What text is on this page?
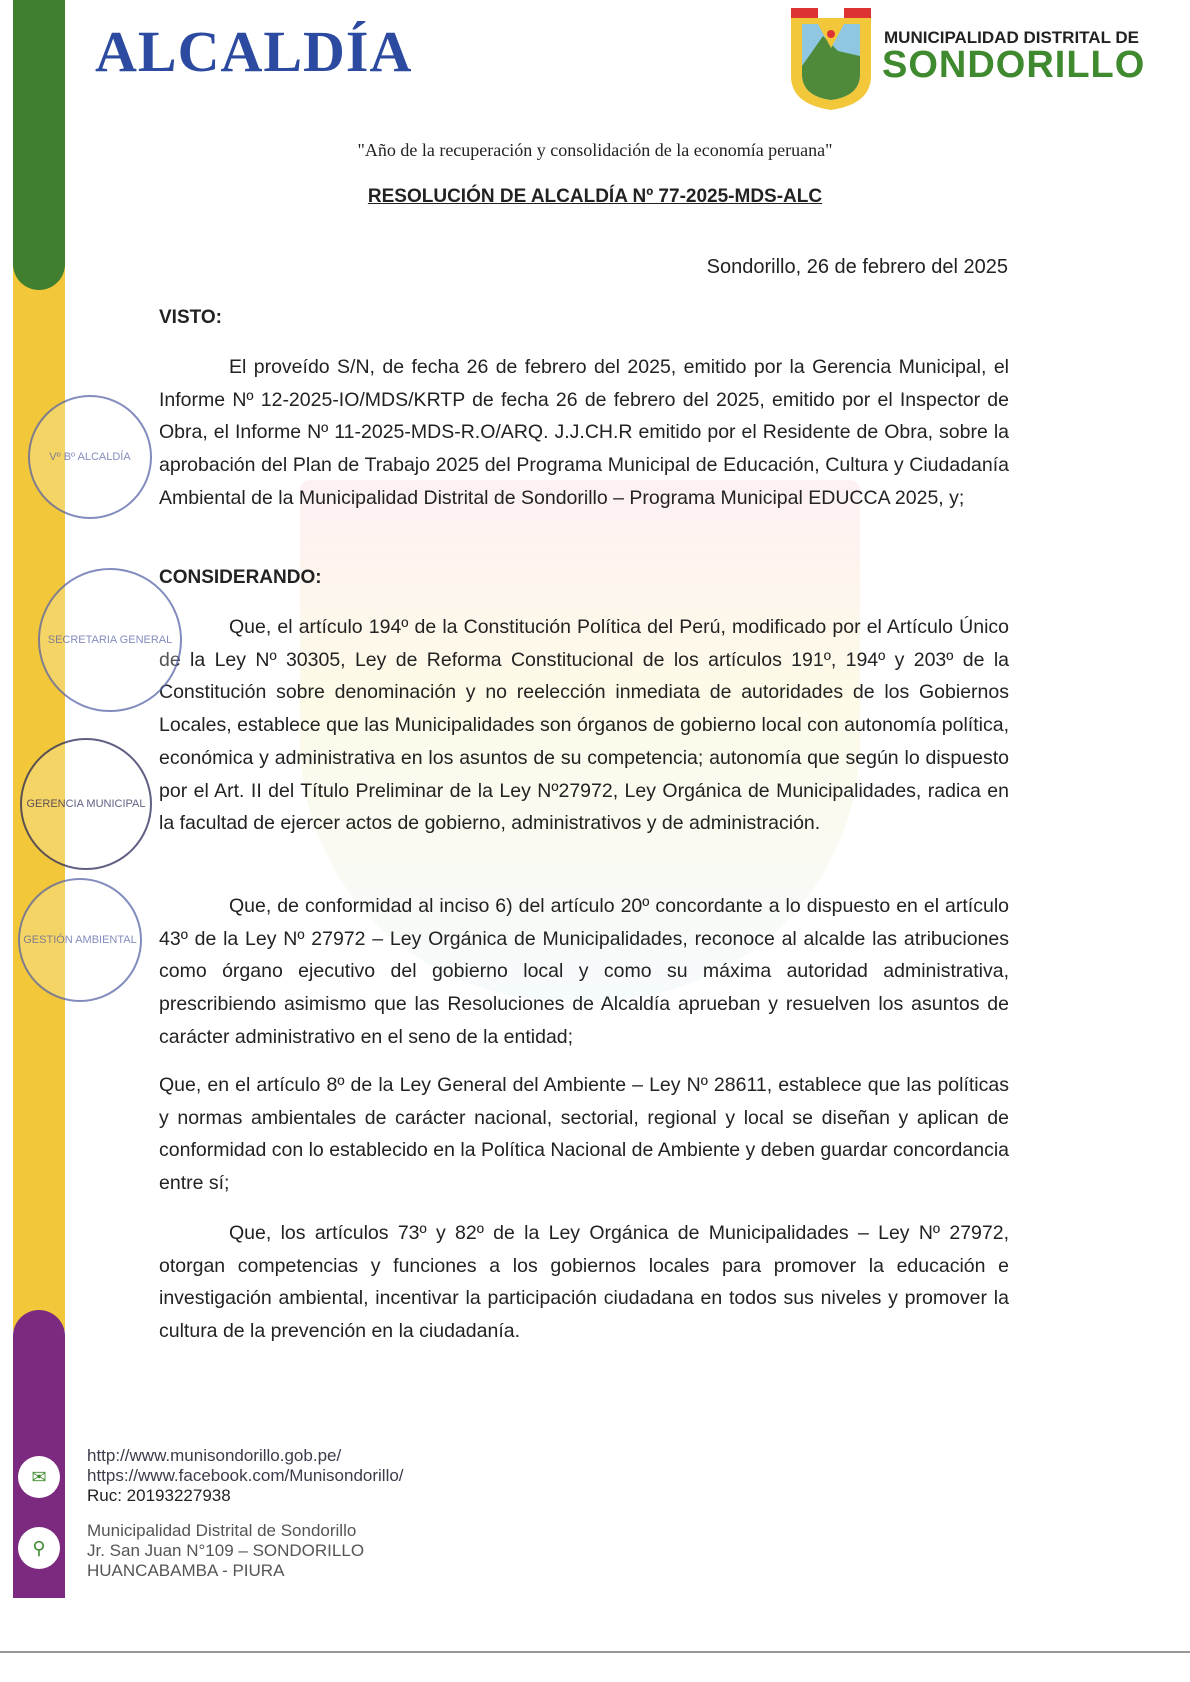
ALCALDÍA	MUNICIPALIDAD DISTRITAL DE
SONDORILLO
"Año de la recuperación y consolidación de la economía peruana"
RESOLUCIÓN DE ALCALDÍA Nº 77-2025-MDS-ALC
Sondorillo, 26 de febrero del 2025
VISTO:
El proveído S/N, de fecha 26 de febrero del 2025, emitido por la Gerencia Municipal, el Informe Nº 12-2025-IO/MDS/KRTP de fecha 26 de febrero del 2025, emitido por el Inspector de Obra, el Informe Nº 11-2025-MDS-R.O/ARQ. J.J.CH.R emitido por el Residente de Obra, sobre la aprobación del Plan de Trabajo 2025 del Programa Municipal de Educación, Cultura y Ciudadanía Ambiental de la Municipalidad Distrital de Sondorillo – Programa Municipal EDUCCA 2025, y;
CONSIDERANDO:
Que, el artículo 194º de la Constitución Política del Perú, modificado por el Artículo Único de la Ley Nº 30305, Ley de Reforma Constitucional de los artículos 191º, 194º y 203º de la Constitución sobre denominación y no reelección inmediata de autoridades de los Gobiernos Locales, establece que las Municipalidades son órganos de gobierno local con autonomía política, económica y administrativa en los asuntos de su competencia; autonomía que según lo dispuesto por el Art. II del Título Preliminar de la Ley Nº27972, Ley Orgánica de Municipalidades, radica en la facultad de ejercer actos de gobierno, administrativos y de administración.
Que, de conformidad al inciso 6) del artículo 20º concordante a lo dispuesto en el artículo 43º de la Ley Nº 27972 – Ley Orgánica de Municipalidades, reconoce al alcalde las atribuciones como órgano ejecutivo del gobierno local y como su máxima autoridad administrativa, prescribiendo asimismo que las Resoluciones de Alcaldía aprueban y resuelven los asuntos de carácter administrativo en el seno de la entidad;
Que, en el artículo 8º de la Ley General del Ambiente – Ley Nº 28611, establece que las políticas y normas ambientales de carácter nacional, sectorial, regional y local se diseñan y aplican de conformidad con lo establecido en la Política Nacional de Ambiente y deben guardar concordancia entre sí;
Que, los artículos 73º y 82º de la Ley Orgánica de Municipalidades – Ley Nº 27972, otorgan competencias y funciones a los gobiernos locales para promover la educación e investigación ambiental, incentivar la participación ciudadana en todos sus niveles y promover la cultura de la prevención en la ciudadanía.
Vº Bº ALCALDÍA
SECRETARIA GENERAL
GERENCIA MUNICIPAL
GESTIÓN AMBIENTAL
✉
⚲
http://www.munisondorillo.gob.pe/
https://www.facebook.com/Munisondorillo/
Ruc: 20193227938
Municipalidad Distrital de Sondorillo
Jr. San Juan N°109 – SONDORILLO
HUANCABAMBA - PIURA
